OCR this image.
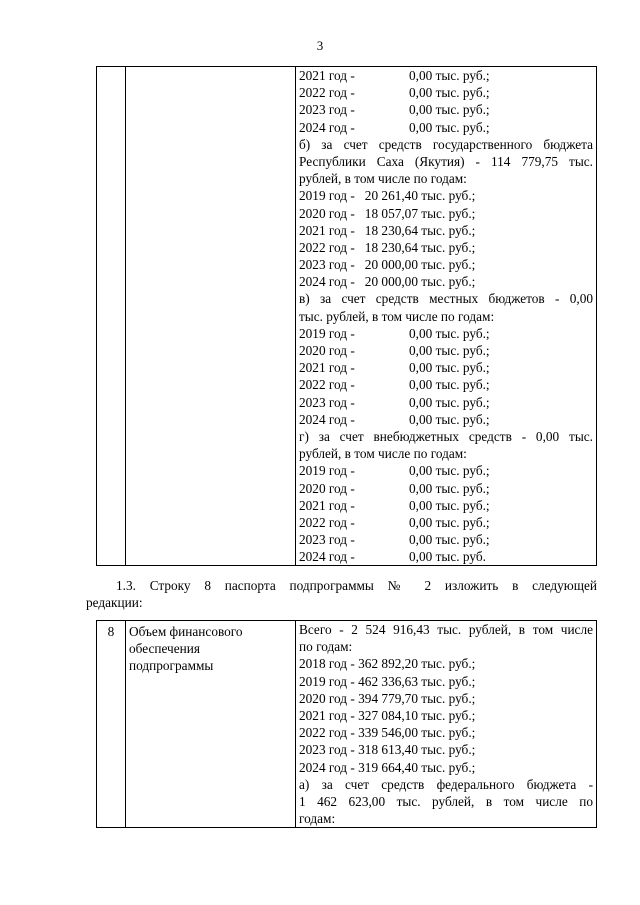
3

2021 год -	0,00 тыс. руб.;
2022 год -	0,00 тыс. руб.;
2023 год -	0,00 тыс. руб.;
2024 год -	0,00 тыс. руб.;
б) за счет средств государственного бюджета
Республики Саха (Якутия) - 114 779,75 тыс.
рублей, в том числе по годам:
2019 год -   20 261,40 тыс. руб.;
2020 год -   18 057,07 тыс. руб.;
2021 год -   18 230,64 тыс. руб.;
2022 год -   18 230,64 тыс. руб.;
2023 год -   20 000,00 тыс. руб.;
2024 год -   20 000,00 тыс. руб.;
в) за счет средств местных бюджетов - 0,00
тыс. рублей, в том числе по годам:
2019 год -	0,00 тыс. руб.;
2020 год -	0,00 тыс. руб.;
2021 год -	0,00 тыс. руб.;
2022 год -	0,00 тыс. руб.;
2023 год -	0,00 тыс. руб.;
2024 год -	0,00 тыс. руб.;
г) за счет внебюджетных средств - 0,00 тыс.
рублей, в том числе по годам:
2019 год -	0,00 тыс. руб.;
2020 год -	0,00 тыс. руб.;
2021 год -	0,00 тыс. руб.;
2022 год -	0,00 тыс. руб.;
2023 год -	0,00 тыс. руб.;
2024 год -	0,00 тыс. руб.
1.3. Строку 8 паспорта подпрограммы № 2 изложить в следующей
редакции:
8	Объем финансового
обеспечения
подпрограммы

Всего - 2 524 916,43 тыс. рублей, в том числе
по годам:
2018 год - 362 892,20 тыс. руб.;
2019 год - 462 336,63 тыс. руб.;
2020 год - 394 779,70 тыс. руб.;
2021 год - 327 084,10 тыс. руб.;
2022 год - 339 546,00 тыс. руб.;
2023 год - 318 613,40 тыс. руб.;
2024 год - 319 664,40 тыс. руб.;
а) за счет средств федерального бюджета -
1 462 623,00 тыс. рублей, в том числе по
годам:
